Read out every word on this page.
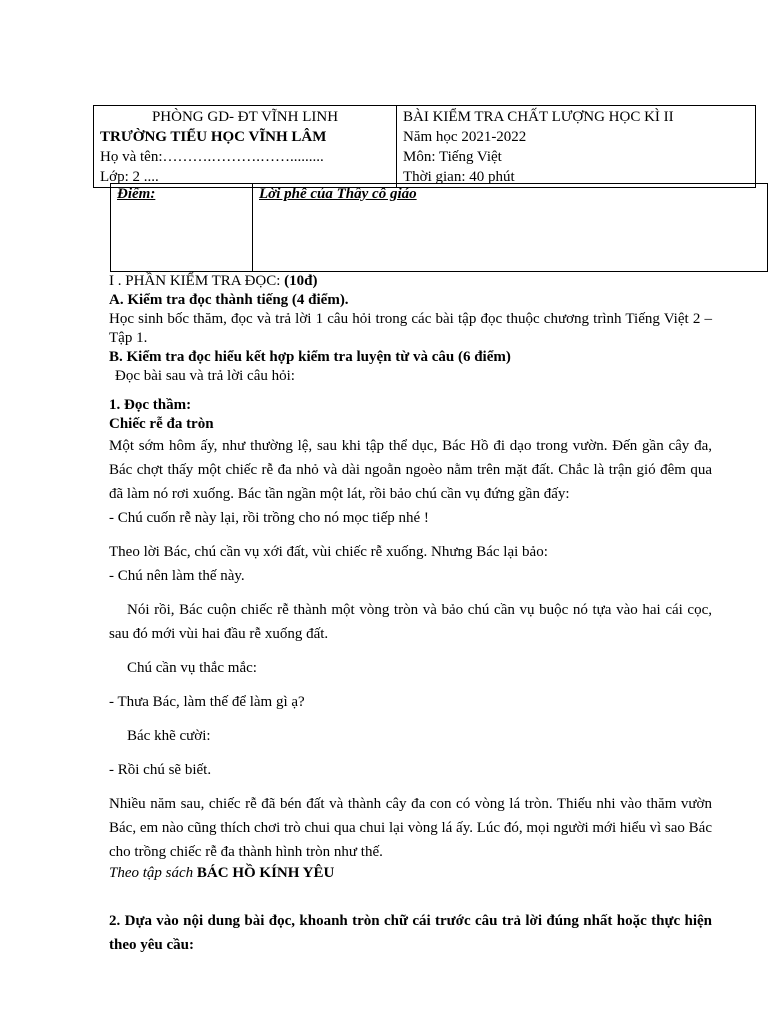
PHÒNG GD- ĐT VĨNH LINH
TRƯỜNG TIỂU HỌC VĨNH LÂM
Họ và tên:……….……….…….........
Lớp: 2 ....

BÀI KIỂM TRA CHẤT LƯỢNG HỌC KÌ II
Năm học 2021-2022
Môn: Tiếng Việt
Thời gian: 40 phút
Điểm:	Lời phê của Thầy cô giáo

I . PHẦN KIỂM TRA ĐỌC: (10đ)

A. Kiểm tra đọc thành tiếng (4 điểm).

Học sinh bốc thăm, đọc và trả lời 1 câu hỏi trong các bài tập đọc thuộc chương trình Tiếng Việt 2 – Tập 1.

B. Kiểm tra đọc hiểu kết hợp kiểm tra luyện từ và câu (6 điểm)

Đọc bài sau và trả lời câu hỏi:

1. Đọc thầm:

Chiếc rễ đa tròn

Một sớm hôm ấy, như thường lệ, sau khi tập thể dục, Bác Hồ đi dạo trong vườn. Đến gần cây đa, Bác chợt thấy một chiếc rễ đa nhỏ và dài ngoằn ngoèo nằm trên mặt đất. Chắc là trận gió đêm qua đã làm nó rơi xuống. Bác tần ngần một lát, rồi bảo chú cần vụ đứng gần đấy:

- Chú cuốn rễ này lại, rồi trồng cho nó mọc tiếp nhé !

Theo lời Bác, chú cần vụ xới đất, vùi chiếc rễ xuống. Nhưng Bác lại bảo:

- Chú nên làm thế này.

Nói rồi, Bác cuộn chiếc rễ thành một vòng tròn và bảo chú cần vụ buộc nó tựa vào hai cái cọc, sau đó mới vùi hai đầu rễ xuống đất.

Chú cần vụ thắc mắc:

- Thưa Bác, làm thế để làm gì ạ?

Bác khẽ cười:

- Rồi chú sẽ biết.

Nhiều năm sau, chiếc rễ đã bén đất và thành cây đa con có vòng lá tròn. Thiếu nhi vào thăm vườn Bác, em nào cũng thích chơi trò chui qua chui lại vòng lá ấy. Lúc đó, mọi người mới hiểu vì sao Bác cho trồng chiếc rễ đa thành hình tròn như thế.

Theo tập sách BÁC HỒ KÍNH YÊU

2. Dựa vào nội dung bài đọc, khoanh tròn chữ cái trước câu trả lời đúng nhất hoặc thực hiện theo yêu cầu:
